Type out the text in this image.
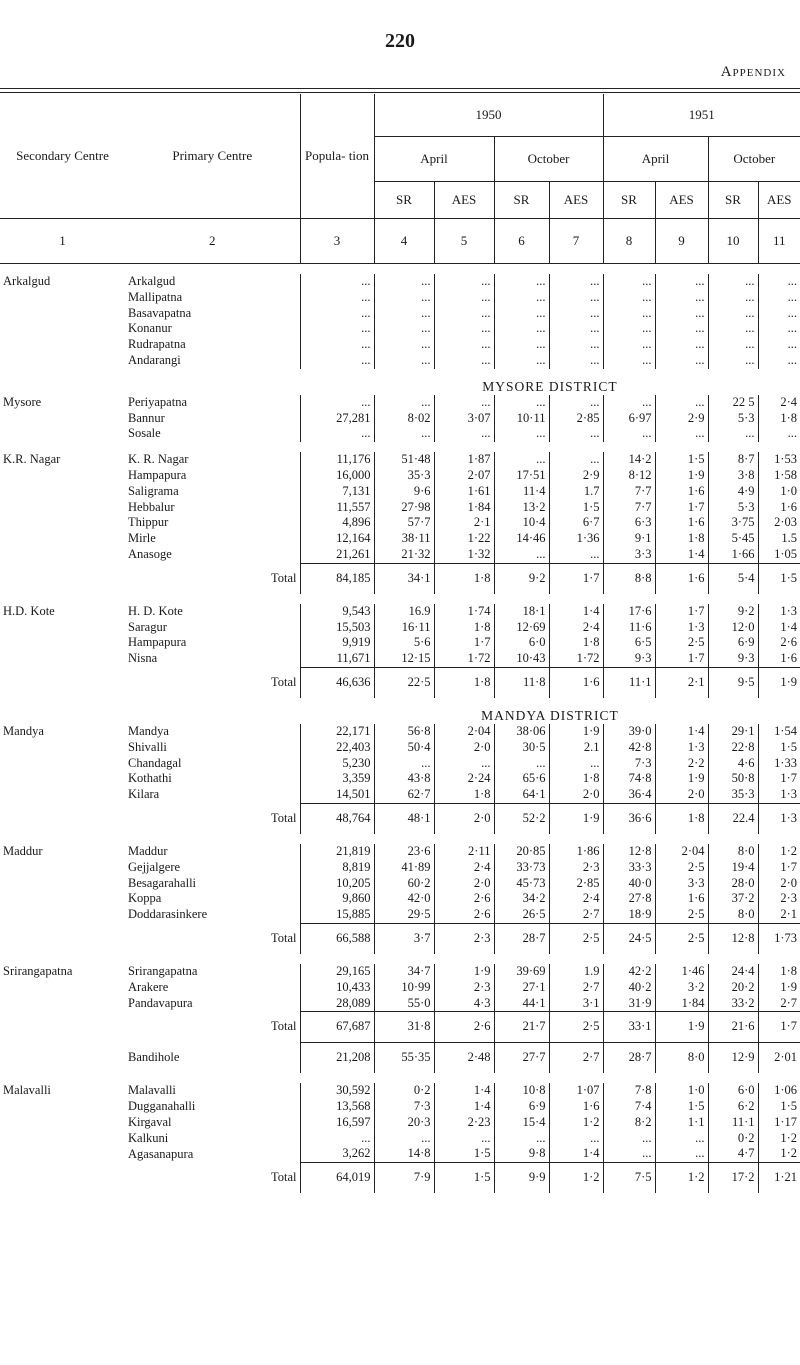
220
Appendix
Secondary Centre	Primary Centre	Popula- tion	1950				1951			
			April		October		April		October	
			SR	AES	SR	AES	SR	AES	SR	AES
1	2	3	4	5	6	7	8	9	10	11

Arkalgud	Arkalgud	...	...	...	...	...	...	...	...	...
	Mallipatna	...	...	...	...	...	...	...	...	...
	Basavapatna	...	...	...	...	...	...	...	...	...
	Konanur	...	...	...	...	...	...	...	...	...
	Rudrapatna	...	...	...	...	...	...	...	...	...
	Andarangi	...	...	...	...	...	...	...	...	...
		MYSORE DISTRICT								
Mysore	Periyapatna	...	...	...	...	...	...	...	22 5	2·4
	Bannur	27,281	8·02	3·07	10·11	2·85	6·97	2·9	5·3	1·8
	Sosale	...	...	...	...	...	...	...	...	...

K.R. Nagar	K. R. Nagar	11,176	51·48	1·87	...	...	14·2	1·5	8·7	1·53
	Hampapura	16,000	35·3	2·07	17·51	2·9	8·12	1·9	3·8	1·58
	Saligrama	7,131	9·6	1·61	11·4	1.7	7·7	1·6	4·9	1·0
	Hebbalur	11,557	27·98	1·84	13·2	1·5	7·7	1·7	5·3	1·6
	Thippur	4,896	57·7	2·1	10·4	6·7	6·3	1·6	3·75	2·03
	Mirle	12,164	38·11	1·22	14·46	1·36	9·1	1·8	5·45	1.5
	Anasoge	21,261	21·32	1·32	...	...	3·3	1·4	1·66	1·05
	Total	84,185	34·1	1·8	9·2	1·7	8·8	1·6	5·4	1·5

H.D. Kote	H. D. Kote	9,543	16.9	1·74	18·1	1·4	17·6	1·7	9·2	1·3
	Saragur	15,503	16·11	1·8	12·69	2·4	11·6	1·3	12·0	1·4
	Hampapura	9,919	5·6	1·7	6·0	1·8	6·5	2·5	6·9	2·6
	Nisna	11,671	12·15	1·72	10·43	1·72	9·3	1·7	9·3	1·6
	Total	46,636	22·5	1·8	11·8	1·6	11·1	2·1	9·5	1·9
		MANDYA DISTRICT								
Mandya	Mandya	22,171	56·8	2·04	38·06	1·9	39·0	1·4	29·1	1·54
	Shivalli	22,403	50·4	2·0	30·5	2.1	42·8	1·3	22·8	1·5
	Chandagal	5,230	...	...	...	...	7·3	2·2	4·6	1·33
	Kothathi	3,359	43·8	2·24	65·6	1·8	74·8	1·9	50·8	1·7
	Kilara	14,501	62·7	1·8	64·1	2·0	36·4	2·0	35·3	1·3
	Total	48,764	48·1	2·0	52·2	1·9	36·6	1·8	22.4	1·3

Maddur	Maddur	21,819	23·6	2·11	20·85	1·86	12·8	2·04	8·0	1·2
	Gejjalgere	8,819	41·89	2·4	33·73	2·3	33·3	2·5	19·4	1·7
	Besagarahalli	10,205	60·2	2·0	45·73	2·85	40·0	3·3	28·0	2·0
	Koppa	9,860	42·0	2·6	34·2	2·4	27·8	1·6	37·2	2·3
	Doddarasinkere	15,885	29·5	2·6	26·5	2·7	18·9	2·5	8·0	2·1
	Total	66,588	3·7	2·3	28·7	2·5	24·5	2·5	12·8	1·73

Srirangapatna	Srirangapatna	29,165	34·7	1·9	39·69	1.9	42·2	1·46	24·4	1·8
	Arakere	10,433	10·99	2·3	27·1	2·7	40·2	3·2	20·2	1·9
	Pandavapura	28,089	55·0	4·3	44·1	3·1	31·9	1·84	33·2	2·7
	Total	67,687	31·8	2·6	21·7	2·5	33·1	1·9	21·6	1·7
	Bandihole	21,208	55·35	2·48	27·7	2·7	28·7	8·0	12·9	2·01

Malavalli	Malavalli	30,592	0·2	1·4	10·8	1·07	7·8	1·0	6·0	1·06
	Dugganahalli	13,568	7·3	1·4	6·9	1·6	7·4	1·5	6·2	1·5
	Kirgaval	16,597	20·3	2·23	15·4	1·2	8·2	1·1	11·1	1·17
	Kalkuni	...	...	...	...	...	...	...	0·2	1·2
	Agasanapura	3,262	14·8	1·5	9·8	1·4	...	...	4·7	1·2
	Total	64,019	7·9	1·5	9·9	1·2	7·5	1·2	17·2	1·21
